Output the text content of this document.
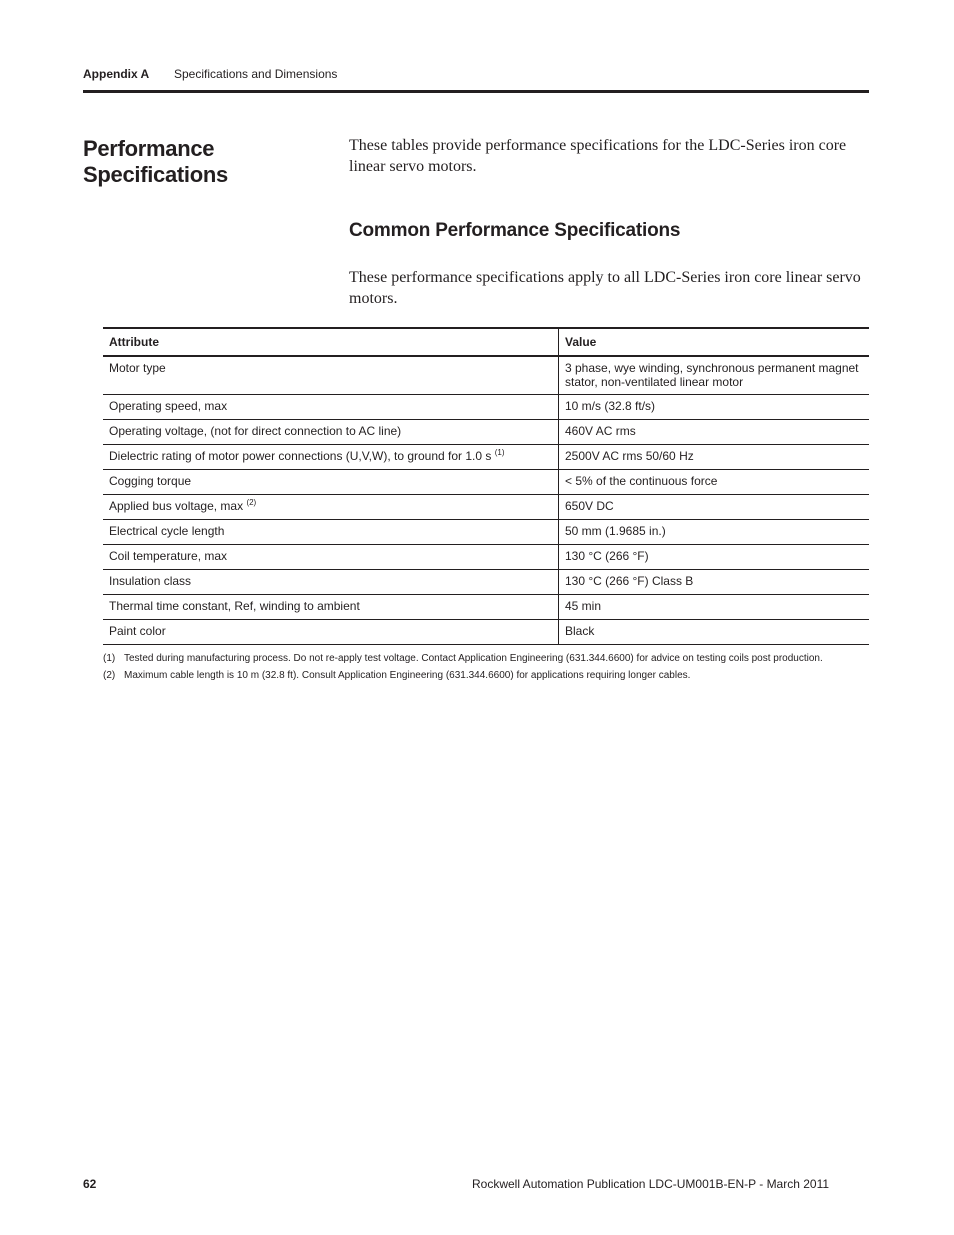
Appendix A Specifications and Dimensions
Performance Specifications

These tables provide performance specifications for the LDC-Series iron core linear servo motors.

Common Performance Specifications

These performance specifications apply to all LDC-Series iron core linear servo motors.

Attribute	Value
Motor type	3 phase, wye winding, synchronous permanent magnet stator, non-ventilated linear motor
Operating speed, max	10 m/s (32.8 ft/s)
Operating voltage, (not for direct connection to AC line)	460V AC rms
Dielectric rating of motor power connections (U,V,W), to ground for 1.0 s $^{(1)}$	2500V AC rms 50/60 Hz
Cogging torque	< 5% of the continuous force
Applied bus voltage, max $^{(2)}$	650V DC
Electrical cycle length	50 mm (1.9685 in.)
Coil temperature, max	130 °C (266 °F)
Insulation class	130 °C (266 °F) Class B
Thermal time constant, Ref, winding to ambient	45 min
Paint color	Black
(1) Tested during manufacturing process. Do not re-apply test voltage. Contact Application Engineering (631.344.6600) for advice on testing coils post production.
(2) Maximum cable length is 10 m (32.8 ft). Consult Application Engineering (631.344.6600) for applications requiring longer cables.
62	Rockwell Automation Publication LDC-UM001B-EN-P - March 2011
